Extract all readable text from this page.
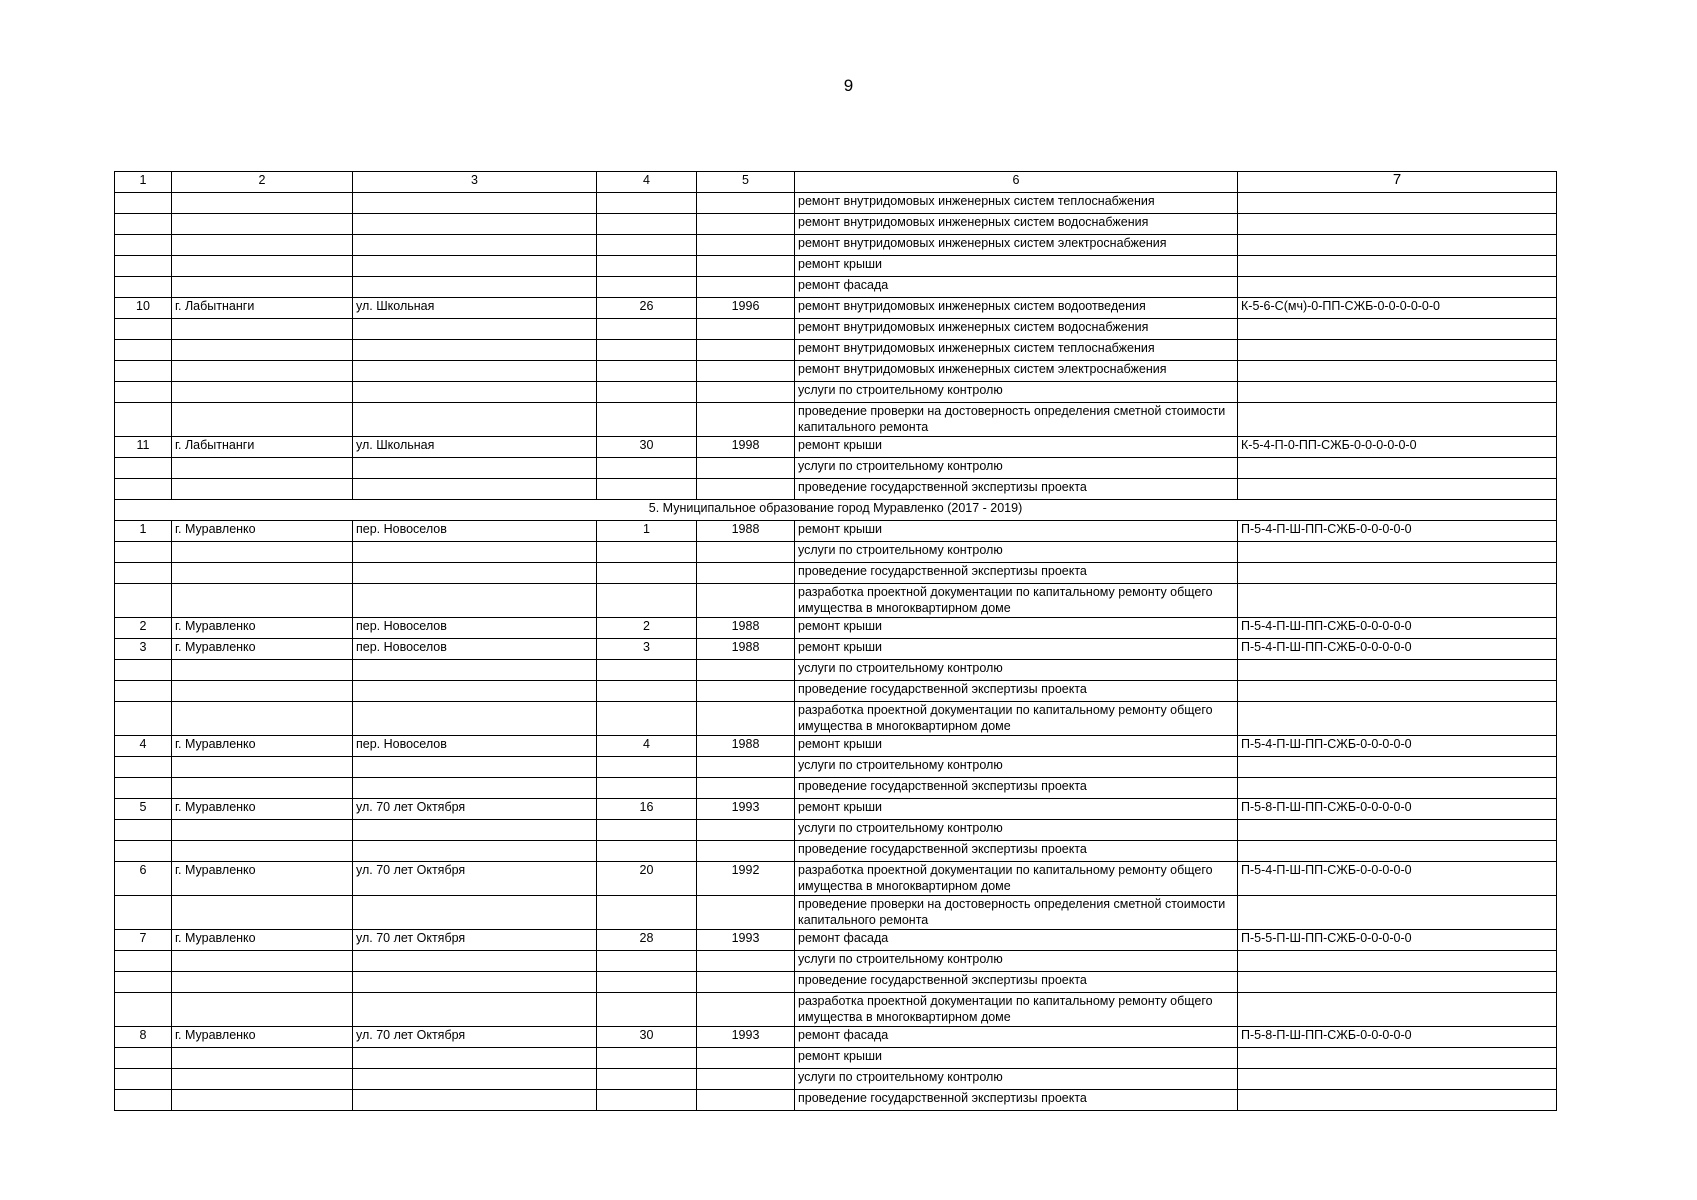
9
1	2	3	4	5	6	7
					ремонт внутридомовых инженерных систем теплоснабжения	
					ремонт внутридомовых инженерных систем водоснабжения	
					ремонт внутридомовых инженерных систем электроснабжения	
					ремонт крыши	
					ремонт фасада	
10	г. Лабытнанги	ул. Школьная	26	1996	ремонт внутридомовых инженерных систем водоотведения	К-5-6-С(мч)-0-ПП-СЖБ-0-0-0-0-0-0
					ремонт внутридомовых инженерных систем водоснабжения	
					ремонт внутридомовых инженерных систем теплоснабжения	
					ремонт внутридомовых инженерных систем электроснабжения	
					услуги по строительному контролю	
					проведение проверки на достоверность определения сметной стоимости капитального ремонта	
11	г. Лабытнанги	ул. Школьная	30	1998	ремонт крыши	К-5-4-П-0-ПП-СЖБ-0-0-0-0-0-0
					услуги по строительному контролю	
					проведение государственной экспертизы проекта	
5. Муниципальное образование город Муравленко (2017 - 2019)						
1	г. Муравленко	пер. Новоселов	1	1988	ремонт крыши	П-5-4-П-Ш-ПП-СЖБ-0-0-0-0-0
					услуги по строительному контролю	
					проведение государственной экспертизы проекта	
					разработка проектной документации по капитальному ремонту общего имущества в многоквартирном доме	
2	г. Муравленко	пер. Новоселов	2	1988	ремонт крыши	П-5-4-П-Ш-ПП-СЖБ-0-0-0-0-0
3	г. Муравленко	пер. Новоселов	3	1988	ремонт крыши	П-5-4-П-Ш-ПП-СЖБ-0-0-0-0-0
					услуги по строительному контролю	
					проведение государственной экспертизы проекта	
					разработка проектной документации по капитальному ремонту общего имущества в многоквартирном доме	
4	г. Муравленко	пер. Новоселов	4	1988	ремонт крыши	П-5-4-П-Ш-ПП-СЖБ-0-0-0-0-0
					услуги по строительному контролю	
					проведение государственной экспертизы проекта	
5	г. Муравленко	ул. 70 лет Октября	16	1993	ремонт крыши	П-5-8-П-Ш-ПП-СЖБ-0-0-0-0-0
					услуги по строительному контролю	
					проведение государственной экспертизы проекта	
6	г. Муравленко	ул. 70 лет Октября	20	1992	разработка проектной документации по капитальному ремонту общего имущества в многоквартирном доме	П-5-4-П-Ш-ПП-СЖБ-0-0-0-0-0
					проведение проверки на достоверность определения сметной стоимости капитального ремонта	
7	г. Муравленко	ул. 70 лет Октября	28	1993	ремонт фасада	П-5-5-П-Ш-ПП-СЖБ-0-0-0-0-0
					услуги по строительному контролю	
					проведение государственной экспертизы проекта	
					разработка проектной документации по капитальному ремонту общего имущества в многоквартирном доме	
8	г. Муравленко	ул. 70 лет Октября	30	1993	ремонт фасада	П-5-8-П-Ш-ПП-СЖБ-0-0-0-0-0
					ремонт крыши	
					услуги по строительному контролю	
					проведение государственной экспертизы проекта	
